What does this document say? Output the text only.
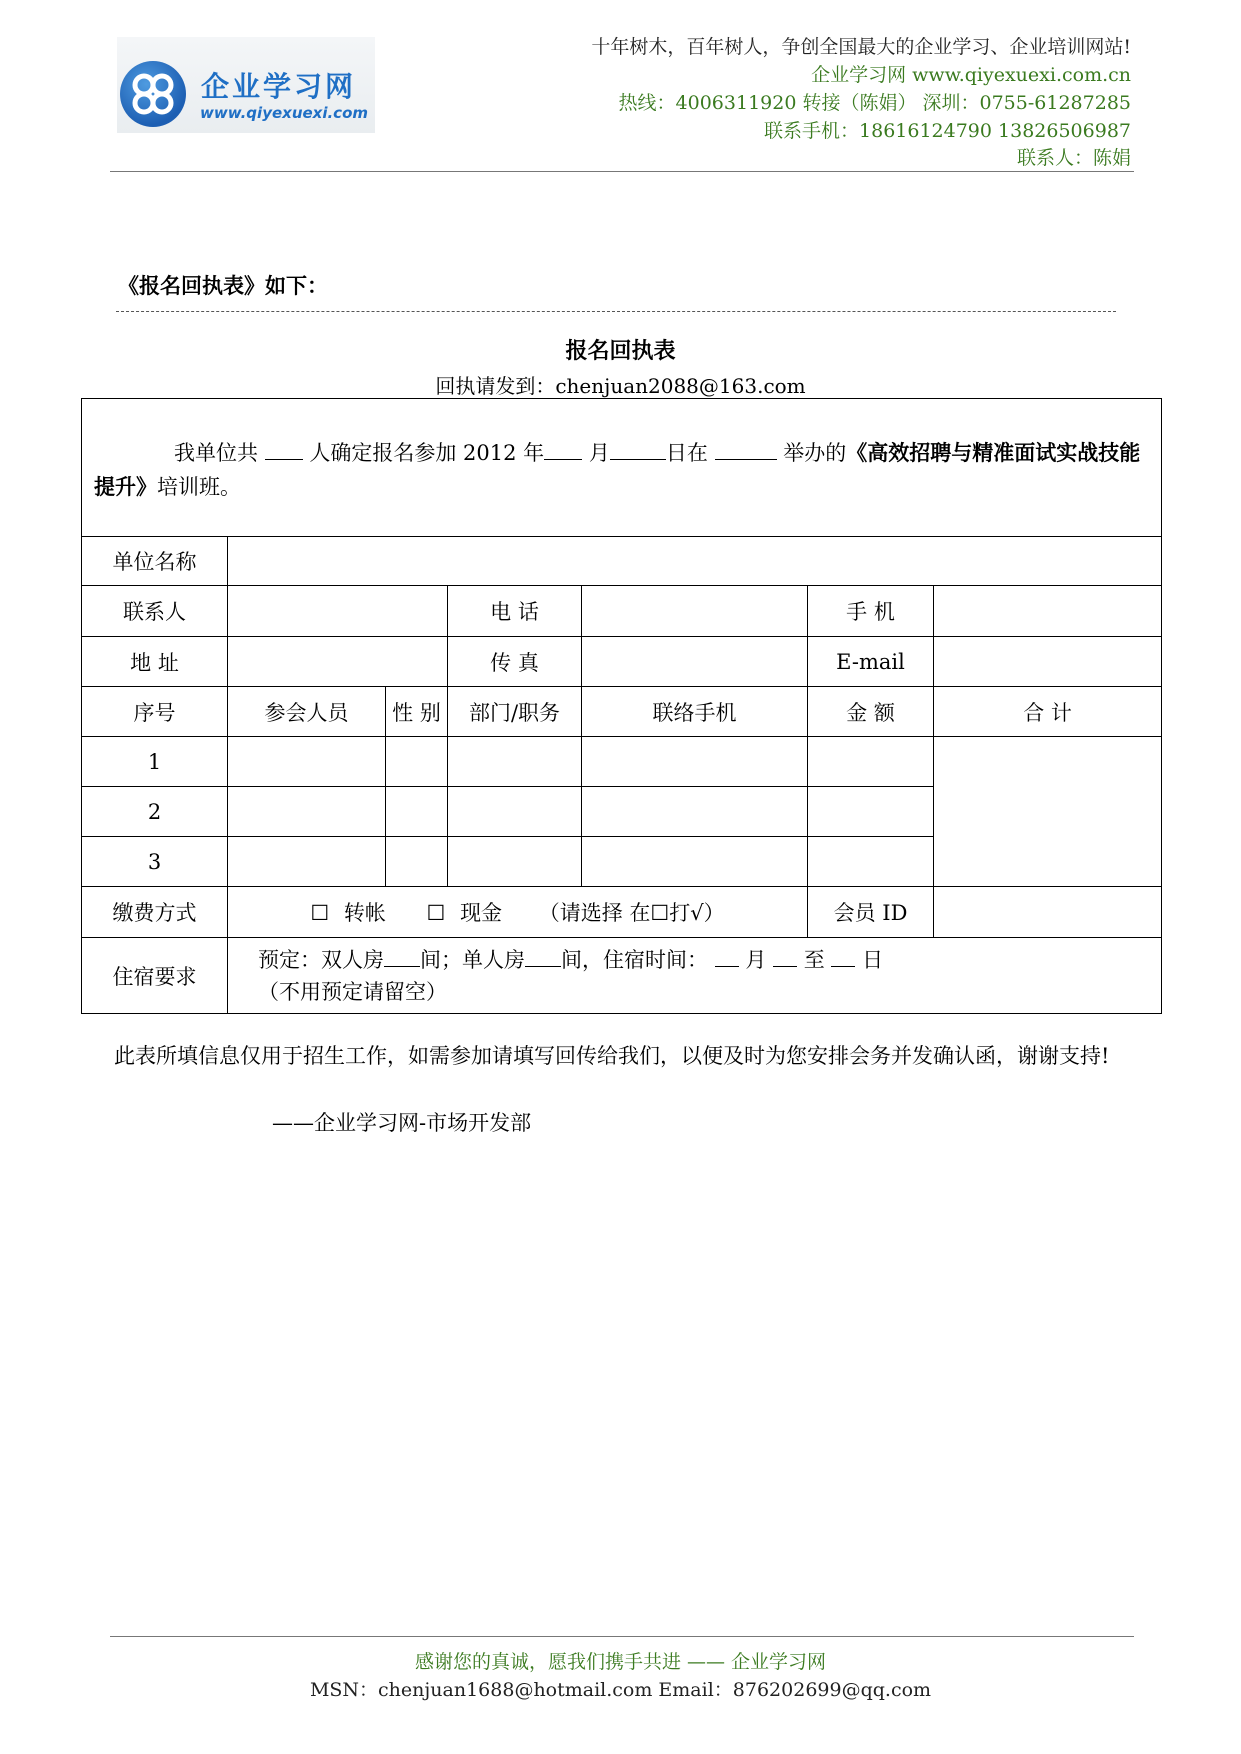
企业学习网
www.qiyexuexi.com
十年树木，百年树人，争创全国最大的企业学习、企业培训网站!
企业学习网 www.qiyexuexi.com.cn
热线：4006311920 转接（陈娟） 深圳：0755-61287285
联系手机：18616124790 13826506987
联系人：陈娟
《报名回执表》如下：
报名回执表
回执请发到：chenjuan2088@163.com
我单位共 人确定报名参加 2012 年 月 日在 举办的《高效招聘与精准面试实战技能提升》培训班。						
单位名称						
联系人			电 话		手 机	
地 址			传 真		E-mail	
序号	参会人员	性 别	部门/职务	联络手机	金 额	合 计
1						
2						
3						
缴费方式	☐ 转帐 ☐ 现金 （请选择 在☐打√）				会员 ID	
住宿要求	预定：双人房 间；单人房 间，住宿时间： 月 至 日
（不用预定请留空）					
此表所填信息仅用于招生工作，如需参加请填写回传给我们，以便及时为您安排会务并发确认函，谢谢支持!
——企业学习网-市场开发部
感谢您的真诚，愿我们携手共进 —— 企业学习网
MSN：chenjuan1688@hotmail.com Email：876202699@qq.com
